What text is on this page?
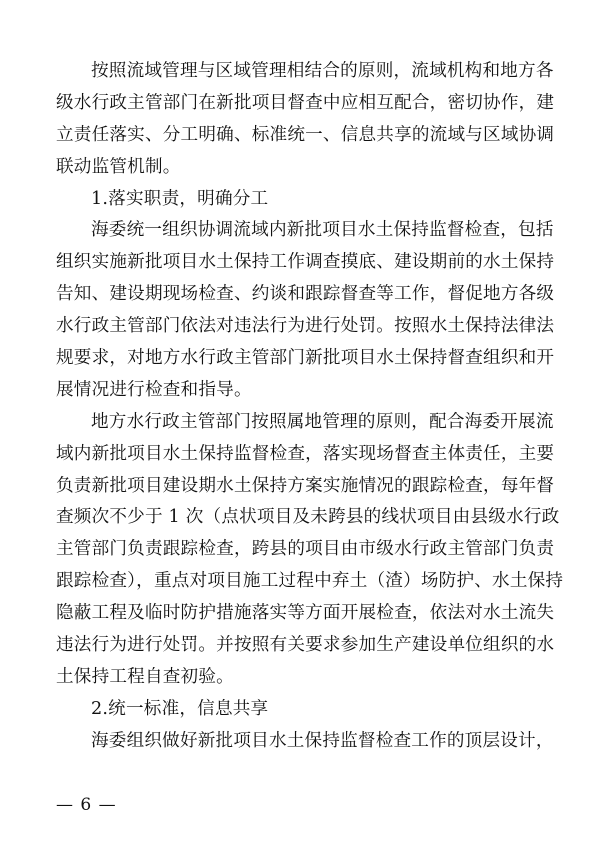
按照流域管理与区域管理相结合的原则，流域机构和地方各
级水行政主管部门在新批项目督查中应相互配合，密切协作，建
立责任落实、分工明确、标准统一、信息共享的流域与区域协调
联动监管机制。
1.落实职责，明确分工
海委统一组织协调流域内新批项目水土保持监督检查，包括
组织实施新批项目水土保持工作调查摸底、建设期前的水土保持
告知、建设期现场检查、约谈和跟踪督查等工作，督促地方各级
水行政主管部门依法对违法行为进行处罚。按照水土保持法律法
规要求，对地方水行政主管部门新批项目水土保持督查组织和开
展情况进行检查和指导。
地方水行政主管部门按照属地管理的原则，配合海委开展流
域内新批项目水土保持监督检查，落实现场督查主体责任，主要
负责新批项目建设期水土保持方案实施情况的跟踪检查，每年督
查频次不少于 1 次（点状项目及未跨县的线状项目由县级水行政
主管部门负责跟踪检查，跨县的项目由市级水行政主管部门负责
跟踪检查），重点对项目施工过程中弃土（渣）场防护、水土保持
隐蔽工程及临时防护措施落实等方面开展检查，依法对水土流失
违法行为进行处罚。并按照有关要求参加生产建设单位组织的水
土保持工程自查初验。
2.统一标准，信息共享
海委组织做好新批项目水土保持监督检查工作的顶层设计，
— 6 —
